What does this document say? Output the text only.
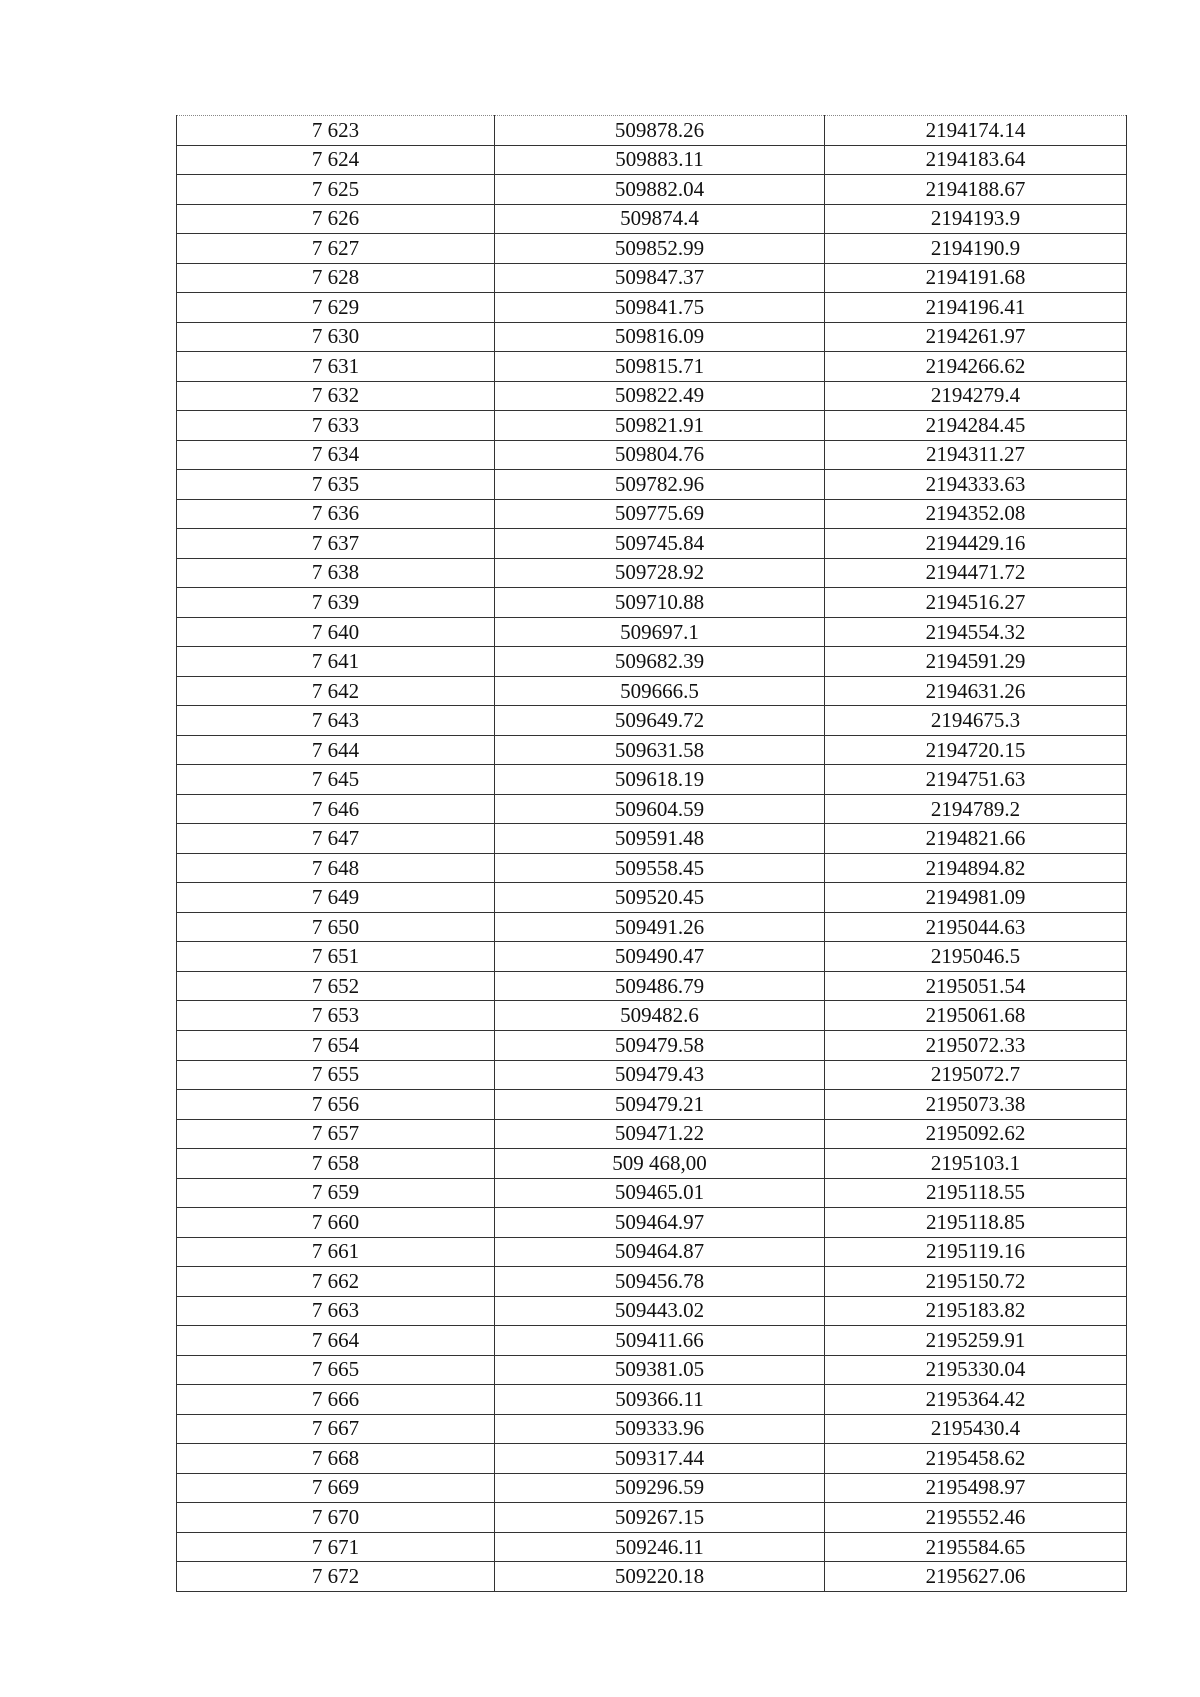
7 623	509878.26	2194174.14
7 624	509883.11	2194183.64
7 625	509882.04	2194188.67
7 626	509874.4	2194193.9
7 627	509852.99	2194190.9
7 628	509847.37	2194191.68
7 629	509841.75	2194196.41
7 630	509816.09	2194261.97
7 631	509815.71	2194266.62
7 632	509822.49	2194279.4
7 633	509821.91	2194284.45
7 634	509804.76	2194311.27
7 635	509782.96	2194333.63
7 636	509775.69	2194352.08
7 637	509745.84	2194429.16
7 638	509728.92	2194471.72
7 639	509710.88	2194516.27
7 640	509697.1	2194554.32
7 641	509682.39	2194591.29
7 642	509666.5	2194631.26
7 643	509649.72	2194675.3
7 644	509631.58	2194720.15
7 645	509618.19	2194751.63
7 646	509604.59	2194789.2
7 647	509591.48	2194821.66
7 648	509558.45	2194894.82
7 649	509520.45	2194981.09
7 650	509491.26	2195044.63
7 651	509490.47	2195046.5
7 652	509486.79	2195051.54
7 653	509482.6	2195061.68
7 654	509479.58	2195072.33
7 655	509479.43	2195072.7
7 656	509479.21	2195073.38
7 657	509471.22	2195092.62
7 658	509 468,00	2195103.1
7 659	509465.01	2195118.55
7 660	509464.97	2195118.85
7 661	509464.87	2195119.16
7 662	509456.78	2195150.72
7 663	509443.02	2195183.82
7 664	509411.66	2195259.91
7 665	509381.05	2195330.04
7 666	509366.11	2195364.42
7 667	509333.96	2195430.4
7 668	509317.44	2195458.62
7 669	509296.59	2195498.97
7 670	509267.15	2195552.46
7 671	509246.11	2195584.65
7 672	509220.18	2195627.06
